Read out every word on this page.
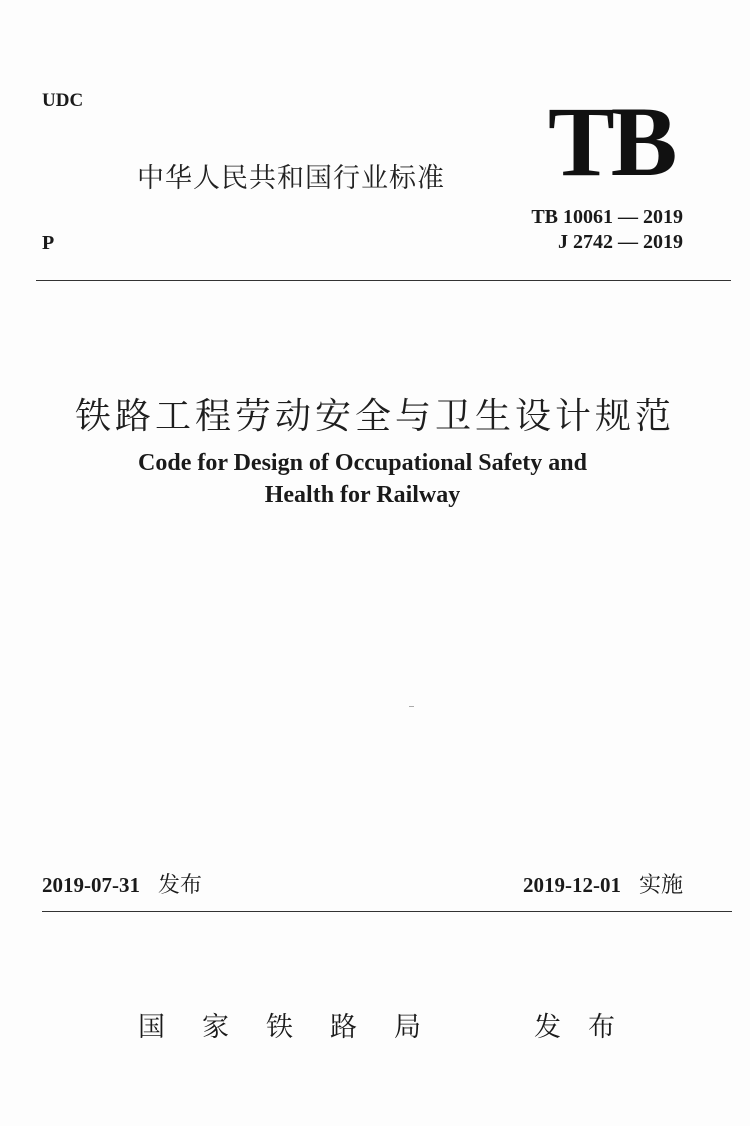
UDC
P
中华人民共和国行业标准 TB
TB 10061 — 2019
J 2742 — 2019
铁路工程劳动安全与卫生设计规范
Code for Design of Occupational Safety and
Health for Railway
2019-07-31 发布	2019-12-01 实施
国家铁路局	发布
